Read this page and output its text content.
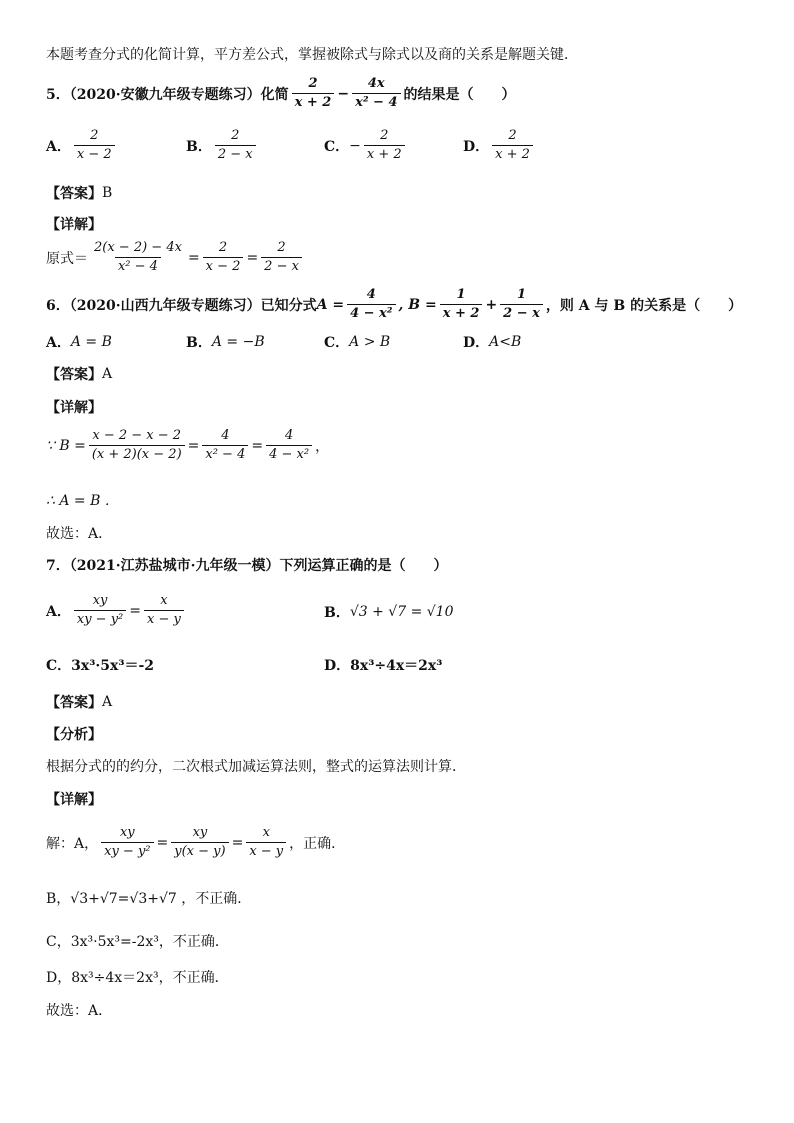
本题考查分式的化简计算，平方差公式，掌握被除式与除式以及商的关系是解题关键．
5．（2020·安徽九年级专题练习）化简 $\frac{2}{x + 2} - \frac{4x}{\text{x² − 4}}$ 的结果是（　　）
A． $\frac{2}{x - 2}$	B． $\frac{2}{2 - x}$	C． − $\frac{2}{x + 2}$	D． $\frac{2}{x + 2}$
【答案】 B
【详解】
原式＝ $\frac{2(x - 2) - 4x}{\text{x² − 4}} = \frac{2}{x - 2} = \frac{2}{2 - x}$
6．（2020·山西九年级专题练习）已知分式 $A = \frac{4}{\text{4 − x²}}$ , $B = \frac{1}{x + 2} + \frac{1}{2 - x}$ ，则 A 与 B 的关系是（　　）
A． A = B	B． A = −B	C． A > B	D． A<B
【答案】 A
【详解】
∵ $B = \frac{x - 2 - x - 2}{(x + 2)(x - 2)} = \frac{4}{\text{x² − 4}} = \frac{4}{\text{4 − x²}}$ ，
∴ A = B ．
故选：A．
7．（2021·江苏盐城市·九年级一模）下列运算正确的是（　　）
A． $\frac{xy}{\text{xy − y²}} = \frac{x}{x - y}$	B． √3 + √7 = √10
C． 3x³·5x³＝-2	D． 8x³÷4x＝2x³
【答案】 A
【分析】
根据分式的的约分，二次根式加减运算法则，整式的运算法则计算．
【详解】
解：A， $\frac{xy}{\text{xy − y²}} = \frac{xy}{y(x - y)} = \frac{x}{x - y}$ ，正确．
B，√3+√7=√3+√7 ，不正确．
C，3x³·5x³=-2x³，不正确．
D，8x³÷4x＝2x³，不正确．
故选：A．
